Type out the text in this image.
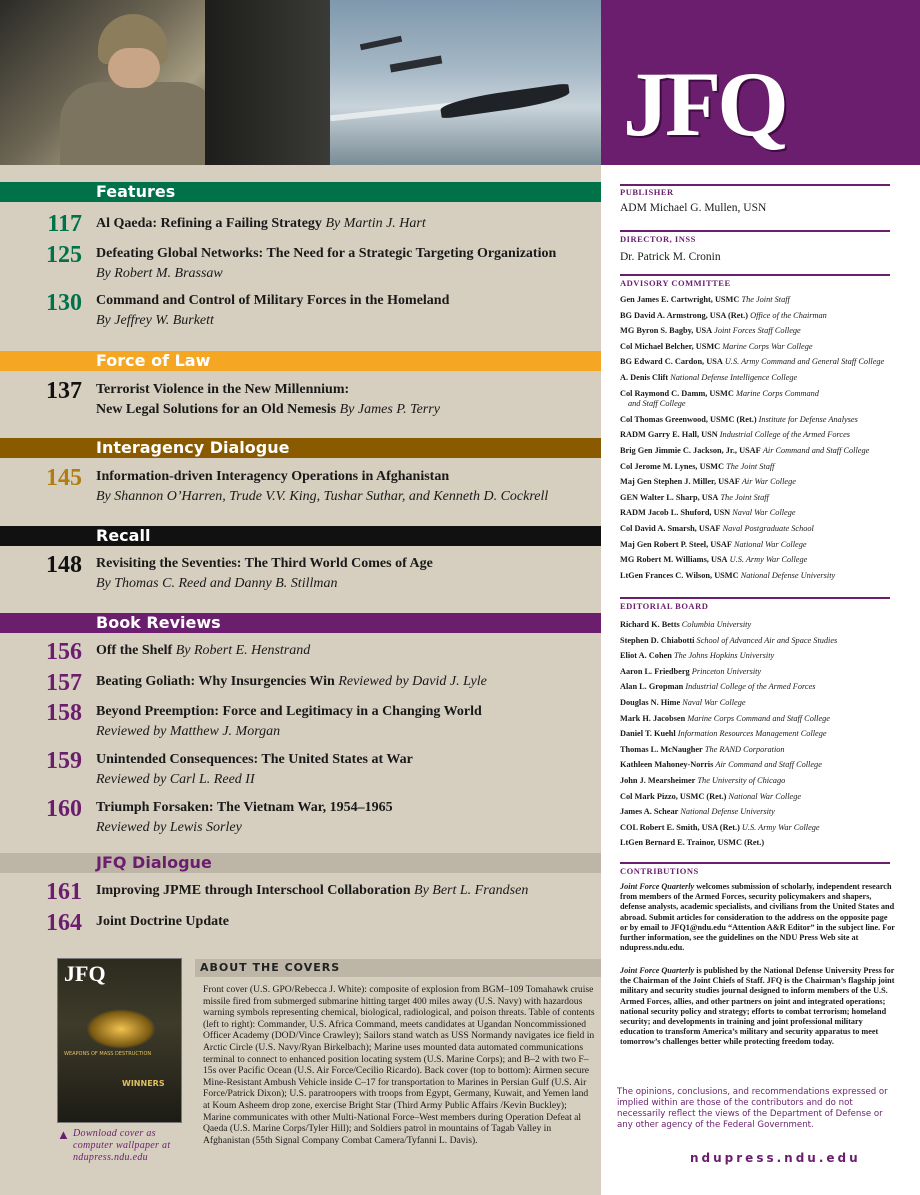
JFQ
Features
117 Al Qaeda: Refining a Failing Strategy By Martin J. Hart
125 Defeating Global Networks: The Need for a Strategic Targeting Organization
By Robert M. Brassaw
130 Command and Control of Military Forces in the Homeland
By Jeffrey W. Burkett
Force of Law
137 Terrorist Violence in the New Millennium:
New Legal Solutions for an Old Nemesis By James P. Terry
Interagency Dialogue
145 Information-driven Interagency Operations in Afghanistan
By Shannon O’Harren, Trude V.V. King, Tushar Suthar, and Kenneth D. Cockrell
Recall
148 Revisiting the Seventies: The Third World Comes of Age
By Thomas C. Reed and Danny B. Stillman
Book Reviews
156 Off the Shelf By Robert E. Henstrand
157 Beating Goliath: Why Insurgencies Win Reviewed by David J. Lyle
158 Beyond Preemption: Force and Legitimacy in a Changing World
Reviewed by Matthew J. Morgan
159 Unintended Consequences: The United States at War
Reviewed by Carl L. Reed II
160 Triumph Forsaken: The Vietnam War, 1954–1965
Reviewed by Lewis Sorley
JFQ Dialogue
161 Improving JPME through Interschool Collaboration By Bert L. Frandsen
164 Joint Doctrine Update
JFQ
WEAPONS OF MASS DESTRUCTION
WINNERS
▲ Download cover as computer wallpaper at ndupress.ndu.edu
ABOUT THE COVERS
Front cover (U.S. GPO/Rebecca J. White): composite of explosion from BGM–109 Tomahawk cruise missile fired from submerged submarine hitting target 400 miles away (U.S. Navy) with hazardous warning symbols representing chemical, biological, radiological, and poison threats. Table of contents (left to right): Commander, U.S. Africa Command, meets candidates at Ugandan Noncommissioned Officer Academy (DOD/Vince Crawley); Sailors stand watch as USS Normandy navigates ice field in Arctic Circle (U.S. Navy/Ryan Birkelbach); Marine uses mounted data automated communications terminal to connect to enhanced position locating system (U.S. Marine Corps); and B–2 with two F–15s over Pacific Ocean (U.S. Air Force/Cecilio Ricardo). Back cover (top to bottom): Airmen secure Mine-Resistant Ambush Vehicle inside C–17 for transportation to Marines in Persian Gulf (U.S. Air Force/Patrick Dixon); U.S. paratroopers with troops from Egypt, Germany, Kuwait, and Yemen land at Koum Asheem drop zone, exercise Bright Star (Third Army Public Affairs /Kevin Buckley); Marine communicates with other Multi-National Force–West members during Operation Defeat al Qaeda (U.S. Marine Corps/Tyler Hill); and Soldiers patrol in mountains of Tagab Valley in Afghanistan (55th Signal Company Combat Camera/Tyfanni L. Davis).
PUBLISHER
ADM Michael G. Mullen, USN
DIRECTOR, INSS
Dr. Patrick M. Cronin
ADVISORY COMMITTEE
Gen James E. Cartwright, USMC The Joint Staff
BG David A. Armstrong, USA (Ret.) Office of the Chairman
MG Byron S. Bagby, USA Joint Forces Staff College
Col Michael Belcher, USMC Marine Corps War College
BG Edward C. Cardon, USA U.S. Army Command and General Staff College
A. Denis Clift National Defense Intelligence College
Col Raymond C. Damm, USMC Marine Corps Command
and Staff College
Col Thomas Greenwood, USMC (Ret.) Institute for Defense Analyses
RADM Garry E. Hall, USN Industrial College of the Armed Forces
Brig Gen Jimmie C. Jackson, Jr., USAF Air Command and Staff College
Col Jerome M. Lynes, USMC The Joint Staff
Maj Gen Stephen J. Miller, USAF Air War College
GEN Walter L. Sharp, USA The Joint Staff
RADM Jacob L. Shuford, USN Naval War College
Col David A. Smarsh, USAF Naval Postgraduate School
Maj Gen Robert P. Steel, USAF National War College
MG Robert M. Williams, USA U.S. Army War College
LtGen Frances C. Wilson, USMC National Defense University
EDITORIAL BOARD
Richard K. Betts Columbia University
Stephen D. Chiabotti School of Advanced Air and Space Studies
Eliot A. Cohen The Johns Hopkins University
Aaron L. Friedberg Princeton University
Alan L. Gropman Industrial College of the Armed Forces
Douglas N. Hime Naval War College
Mark H. Jacobsen Marine Corps Command and Staff College
Daniel T. Kuehl Information Resources Management College
Thomas L. McNaugher The RAND Corporation
Kathleen Mahoney-Norris Air Command and Staff College
John J. Mearsheimer The University of Chicago
Col Mark Pizzo, USMC (Ret.) National War College
James A. Schear National Defense University
COL Robert E. Smith, USA (Ret.) U.S. Army War College
LtGen Bernard E. Trainor, USMC (Ret.)
CONTRIBUTIONS
Joint Force Quarterly welcomes submission of scholarly, independent research from members of the Armed Forces, security policymakers and shapers, defense analysts, academic specialists, and civilians from the United States and abroad. Submit articles for consideration to the address on the opposite page or by email to JFQ1@ndu.edu “Attention A&R Editor” in the subject line. For further information, see the guidelines on the NDU Press Web site at ndupress.ndu.edu.
Joint Force Quarterly is published by the National Defense University Press for the Chairman of the Joint Chiefs of Staff. JFQ is the Chairman’s flagship joint military and security studies journal designed to inform members of the U.S. Armed Forces, allies, and other partners on joint and integrated operations; national security policy and strategy; efforts to combat terrorism; homeland security; and developments in training and joint professional military education to transform America’s military and security apparatus to meet tomorrow’s challenges better while protecting freedom today.
The opinions, conclusions, and recommendations expressed or implied within are those of the contributors and do not necessarily reflect the views of the Department of Defense or any other agency of the Federal Government.
ndupress.ndu.edu
